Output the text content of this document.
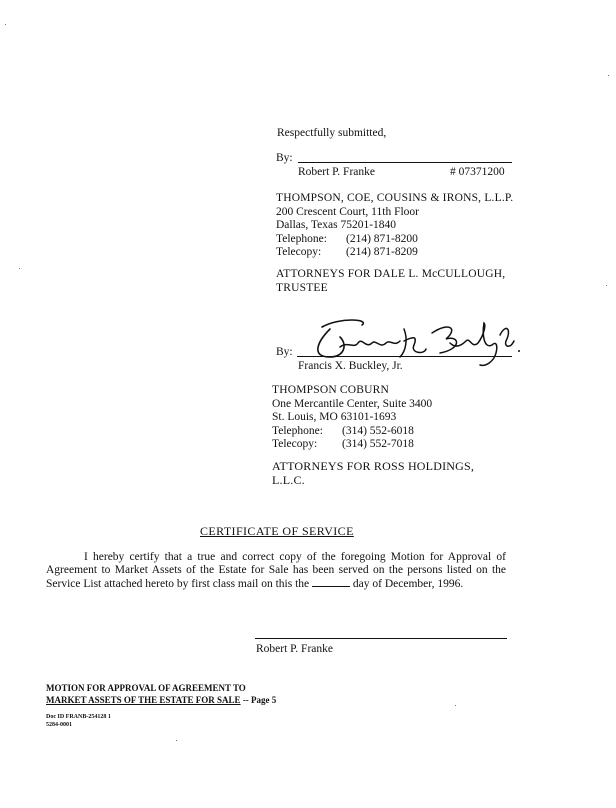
Respectfully submitted,
By:
Robert P. Franke	# 07371200
THOMPSON, COE, COUSINS & IRONS, L.L.P.
200 Crescent Court, 11th Floor
Dallas, Texas 75201-1840
Telephone: (214) 871-8200
Telecopy: (214) 871-8209
ATTORNEYS FOR DALE L. McCULLOUGH,
TRUSTEE
By:
Francis X. Buckley, Jr.
THOMPSON COBURN
One Mercantile Center, Suite 3400
St. Louis, MO 63101-1693
Telephone: (314) 552-6018
Telecopy: (314) 552-7018
ATTORNEYS FOR ROSS HOLDINGS,
L.L.C.
CERTIFICATE OF SERVICE
I hereby certify that a true and correct copy of the foregoing Motion for Approval of Agreement to Market Assets of the Estate for Sale has been served on the persons listed on the Service List attached hereto by first class mail on this the	day of December, 1996.
Robert P. Franke
MOTION FOR APPROVAL OF AGREEMENT TO
MARKET ASSETS OF THE ESTATE FOR SALE -- Page 5
Doc ID FRANB-254128 1
5284-0001
